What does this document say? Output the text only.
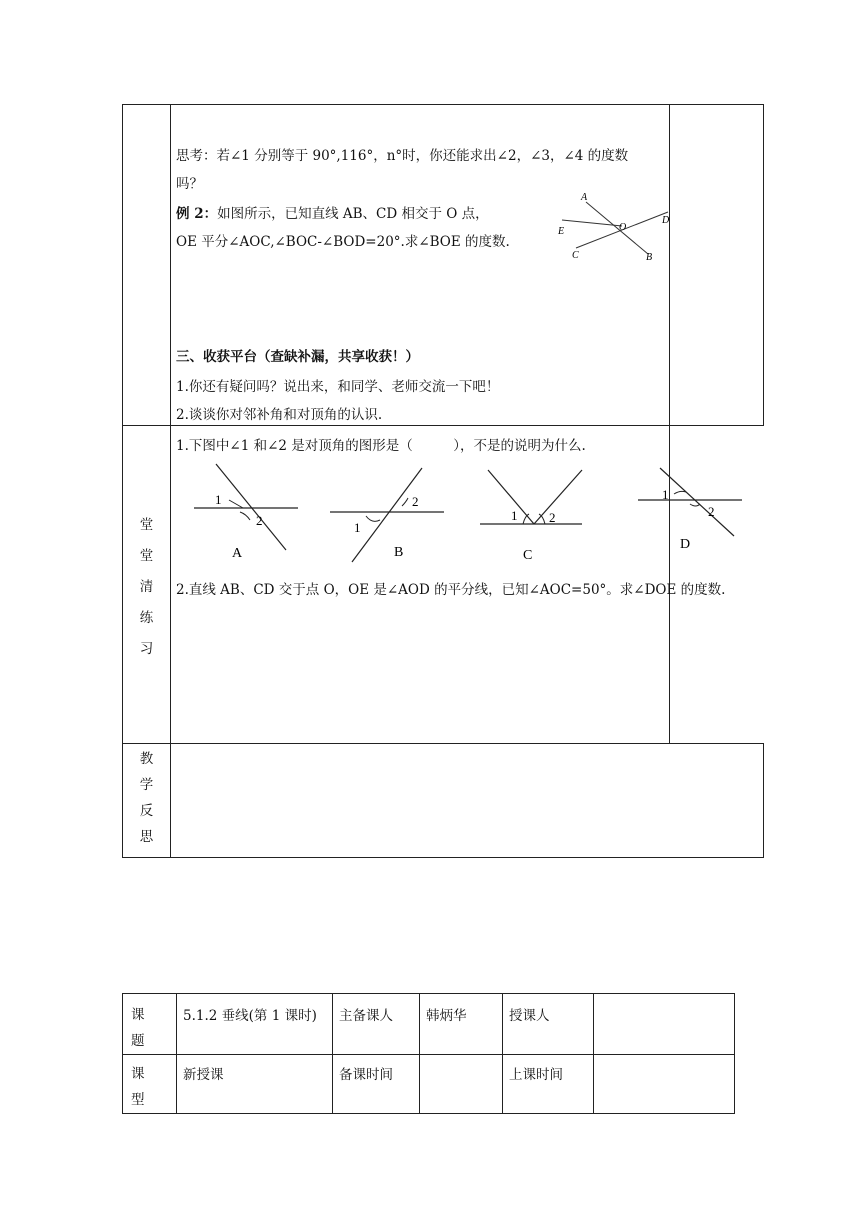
思考：若∠1 分别等于 90°,116°，n°时，你还能求出∠2，∠3，∠4 的度数
吗？
例 2：如图所示，已知直线 AB、CD 相交于 O 点，
OE 平分∠AOC,∠BOC-∠BOD=20°.求∠BOE 的度数.
A
D
O
E
C	B
三、收获平台（查缺补漏，共享收获！）
1.你还有疑问吗？说出来，和同学、老师交流一下吧！
2.谈谈你对邻补角和对顶角的认识.
堂
堂
清
练
习
1.下图中∠1 和∠2 是对顶角的图形是（　　　），不是的说明为什么.
1
2
A
1
2
B
1 2
C
1
2
D
2.直线 AB、CD 交于点 O，OE 是∠AOD 的平分线，已知∠AOC=50°。求∠DOE 的度数.
教
学
反
思
课
题	5.1.2 垂线(第 1 课时)	主备课人	韩炳华	授课人	

课
型	新授课	备课时间		上课时间	
